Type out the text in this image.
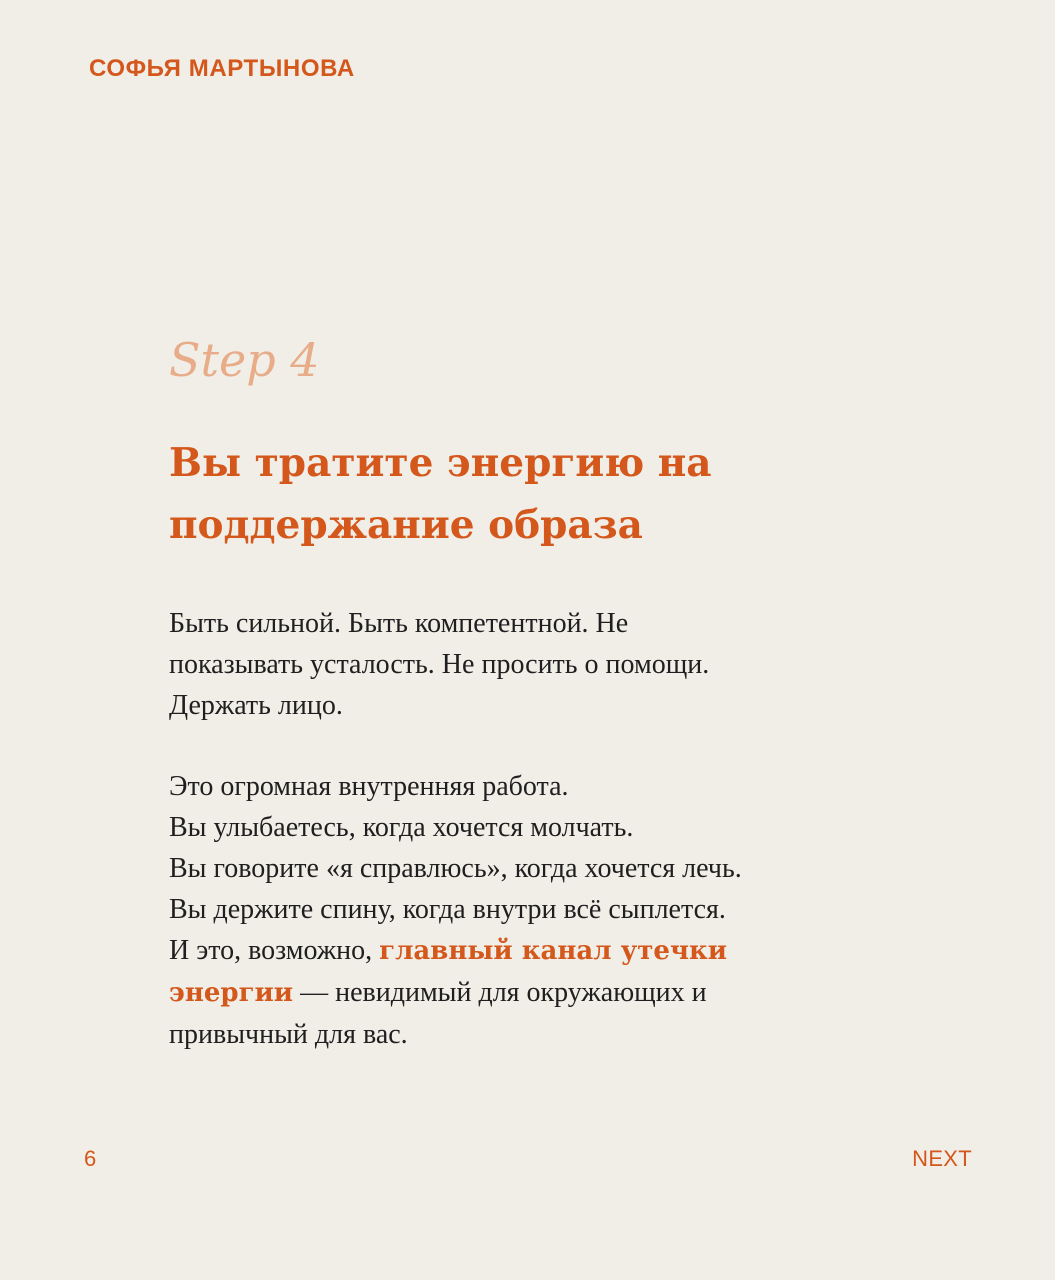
СОФЬЯ МАРТЫНОВА
Step 4
Вы тратите энергию на поддержание образа

Быть сильной. Быть компетентной. Не
показывать усталость. Не просить о помощи.
Держать лицо.

Это огромная внутренняя работа.
Вы улыбаетесь, когда хочется молчать.
Вы говорите «я справлюсь», когда хочется лечь.
Вы держите спину, когда внутри всё сыплется.
И это, возможно, главный канал утечки
энергии — невидимый для окружающих и
привычный для вас.

6	NEXT
